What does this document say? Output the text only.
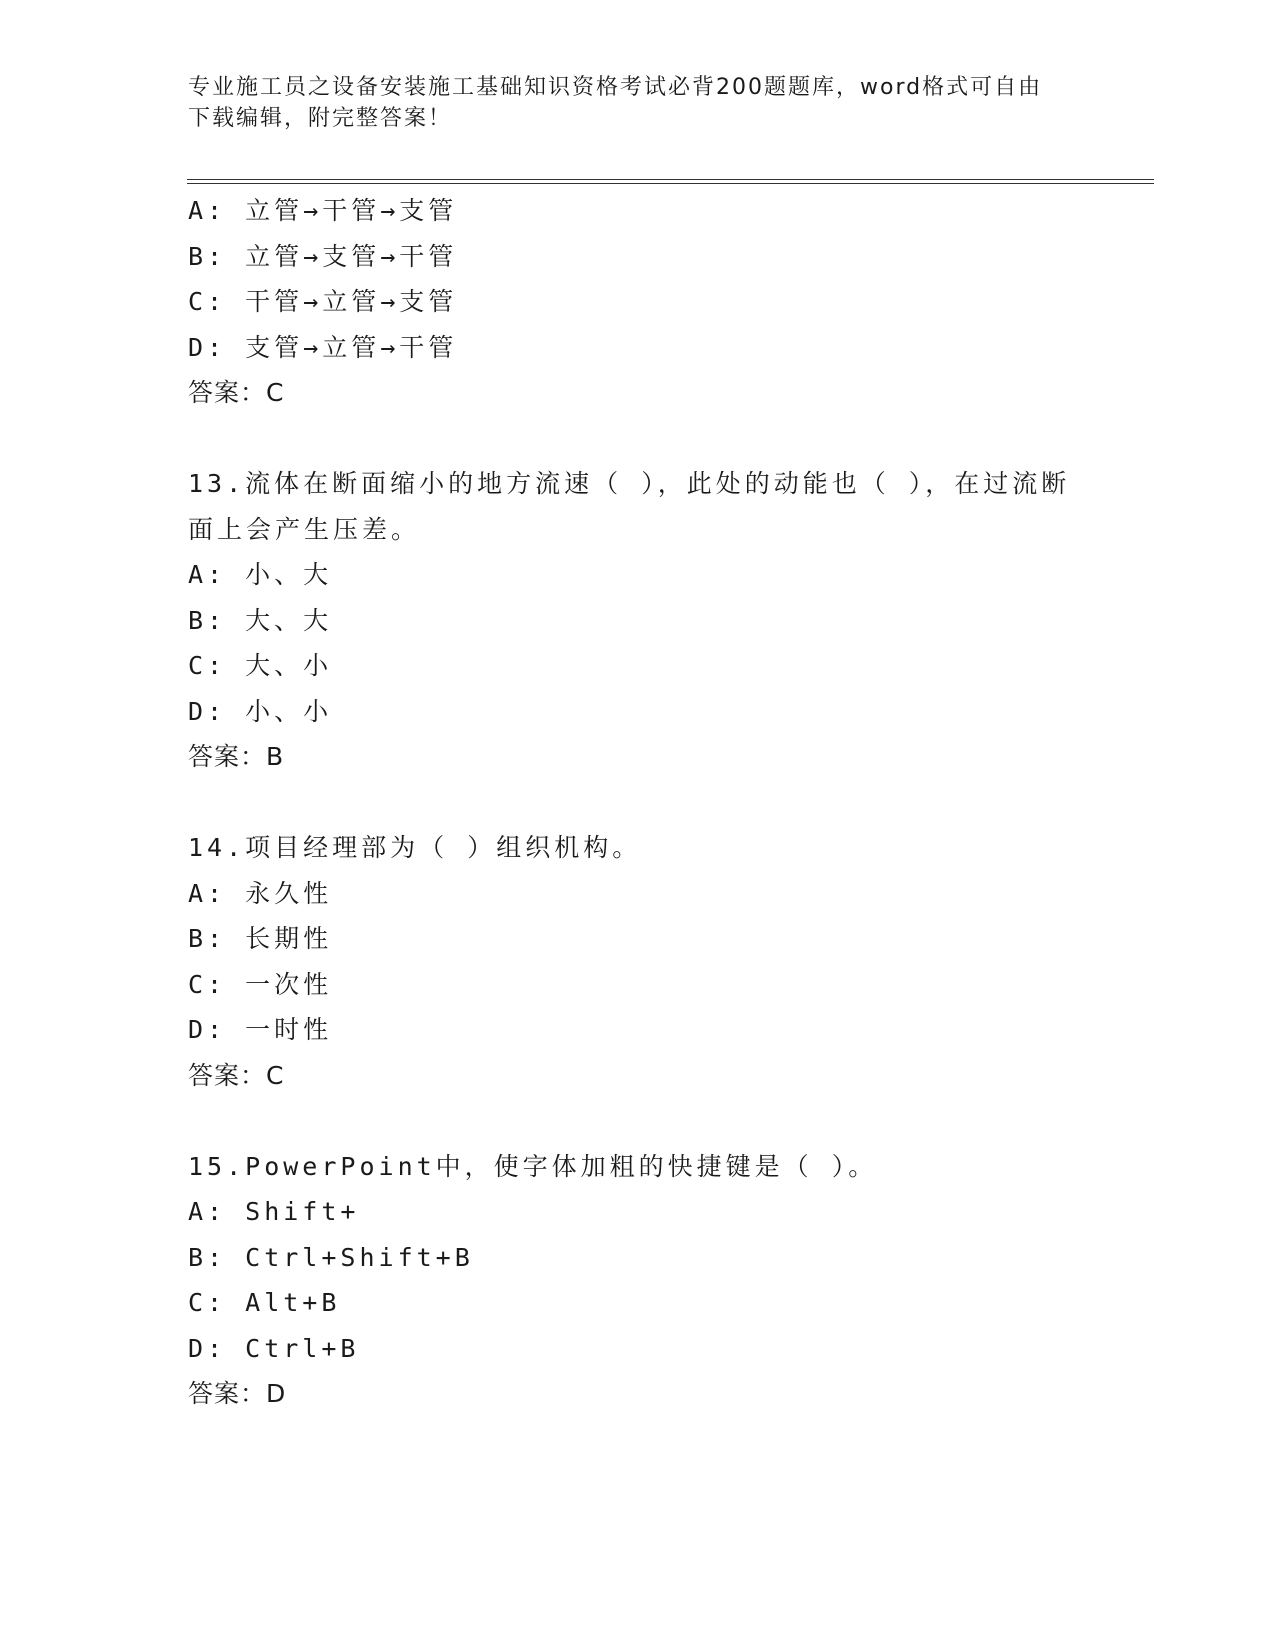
专业施工员之设备安装施工基础知识资格考试必背200题题库，word格式可自由
下载编辑，附完整答案！
A: 立管→干管→支管
B: 立管→支管→干管
C: 干管→立管→支管
D: 支管→立管→干管
答案：C
13.流体在断面缩小的地方流速（ ），此处的动能也（ ），在过流断
面上会产生压差。
A: 小、大
B: 大、大
C: 大、小
D: 小、小
答案：B
14.项目经理部为（ ）组织机构。
A: 永久性
B: 长期性
C: 一次性
D: 一时性
答案：C
15.PowerPoint中，使字体加粗的快捷键是（ ）。
A: Shift+
B: Ctrl+Shift+B
C: Alt+B
D: Ctrl+B
答案：D
